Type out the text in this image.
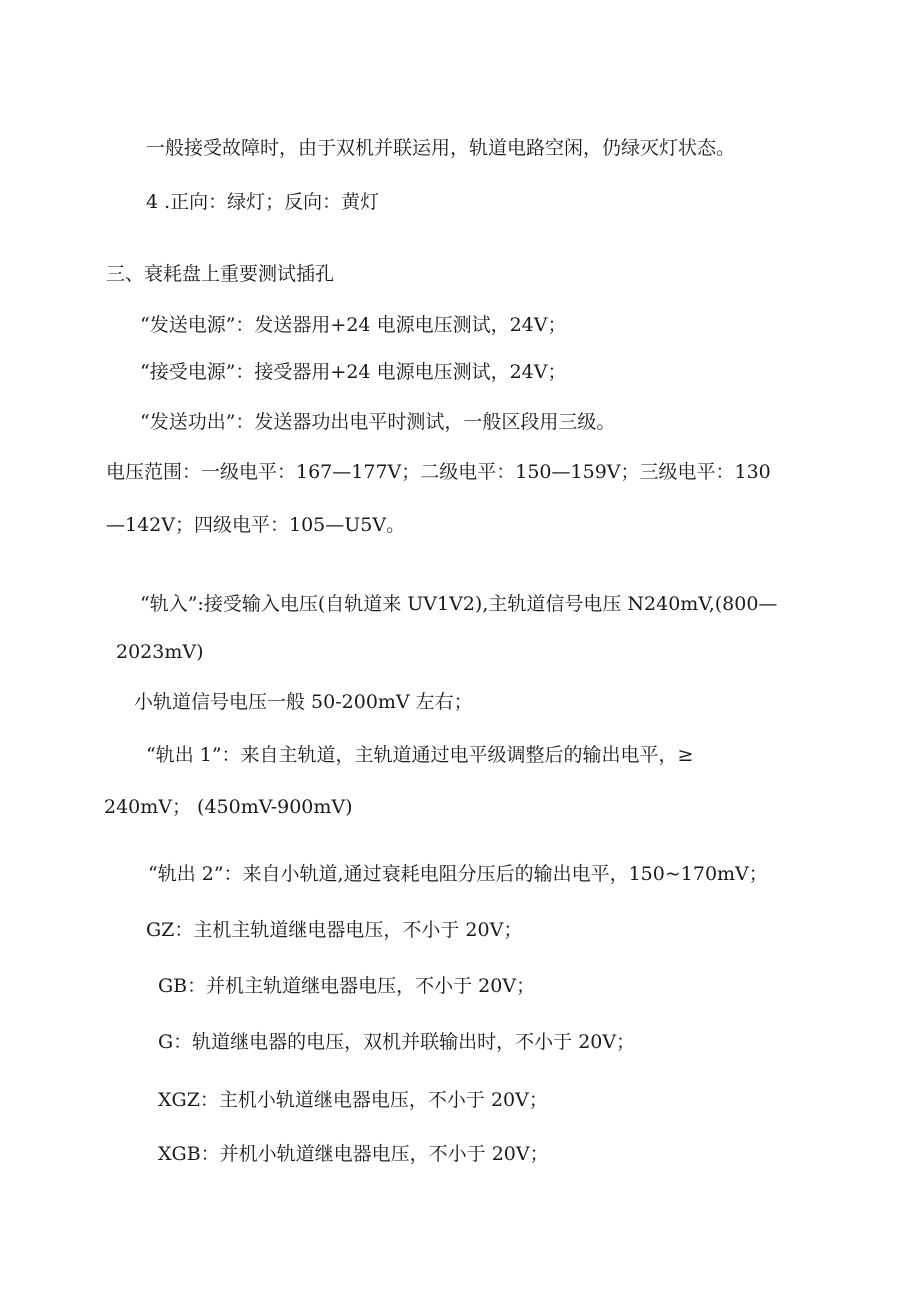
一般接受故障时，由于双机并联运用，轨道电路空闲，仍绿灭灯状态。
4 .正向：绿灯；反向：黄灯
三、衰耗盘上重要测试插孔
“发送电源”：发送器用+24 电源电压测试，24V；
“接受电源”：接受器用+24 电源电压测试，24V；
“发送功出”：发送器功出电平时测试，一般区段用三级。
电压范围：一级电平：167—177V；二级电平：150—159V；三级电平：130
—142V；四级电平：105—U5V。
“轨入”:接受输入电压(自轨道来 UV1V2),主轨道信号电压 N240mV,(800—
2023mV)
小轨道信号电压一般 50-200mV 左右；
“轨出 1”：来自主轨道，主轨道通过电平级调整后的输出电平，≥
240mV； (450mV-900mV)
“轨出 2”：来自小轨道,通过衰耗电阻分压后的输出电平，150~170mV；
GZ：主机主轨道继电器电压，不小于 20V；
GB：并机主轨道继电器电压，不小于 20V；
G：轨道继电器的电压，双机并联输出时，不小于 20V；
XGZ：主机小轨道继电器电压，不小于 20V；
XGB：并机小轨道继电器电压，不小于 20V；
